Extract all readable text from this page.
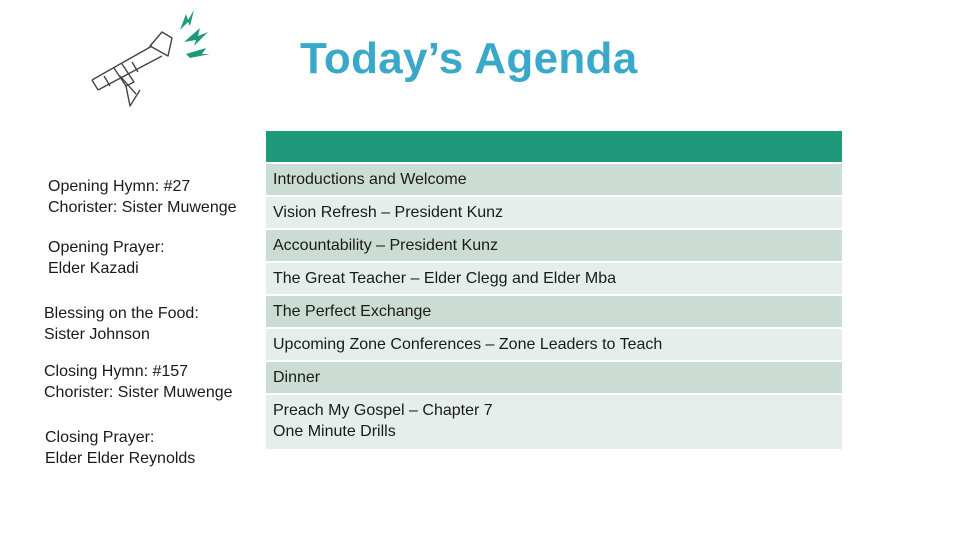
Today’s Agenda
Opening Hymn: #27
Chorister: Sister Muwenge
Opening Prayer:
Elder Kazadi
Blessing on the Food:
Sister Johnson
Closing Hymn: #157
Chorister: Sister Muwenge
Closing Prayer:
Elder Elder Reynolds
Introductions and Welcome
Vision Refresh – President Kunz
Accountability – President Kunz
The Great Teacher – Elder Clegg and Elder Mba
The Perfect Exchange
Upcoming Zone Conferences – Zone Leaders to Teach
Dinner
Preach My Gospel – Chapter 7
One Minute Drills
